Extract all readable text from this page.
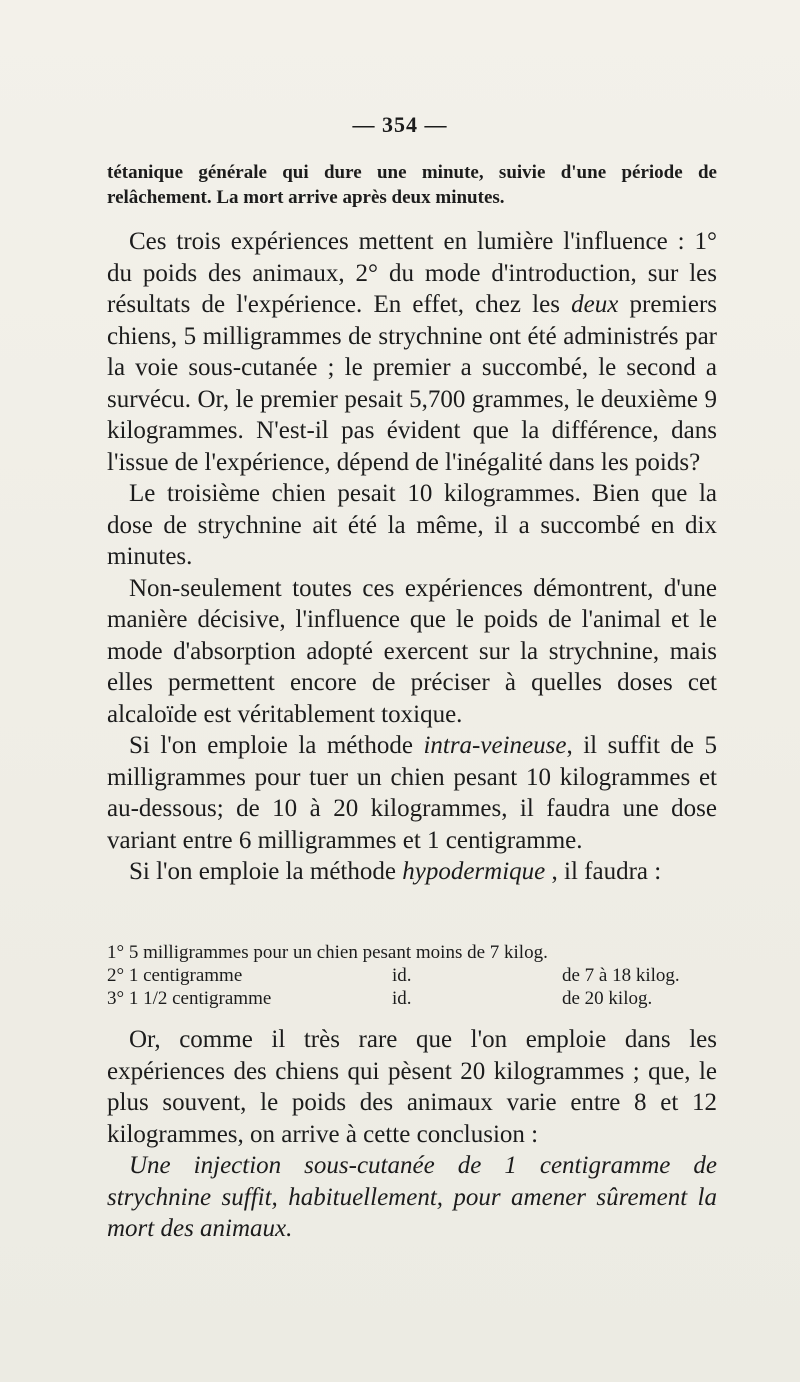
— 354 —

tétanique générale qui dure une minute, suivie d'une période de relâchement. La mort arrive après deux minutes.

Ces trois expériences mettent en lumière l'influence : 1° du poids des animaux, 2° du mode d'introduction, sur les résultats de l'expérience. En effet, chez les deux premiers chiens, 5 milligrammes de strychnine ont été administrés par la voie sous-cutanée ; le premier a succombé, le second a survécu. Or, le premier pesait 5,700 grammes, le deuxième 9 kilogrammes. N'est-il pas évident que la différence, dans l'issue de l'expérience, dépend de l'inégalité dans les poids?

Le troisième chien pesait 10 kilogrammes. Bien que la dose de strychnine ait été la même, il a succombé en dix minutes.

Non-seulement toutes ces expériences démontrent, d'une manière décisive, l'influence que le poids de l'animal et le mode d'absorption adopté exercent sur la strychnine, mais elles permettent encore de préciser à quelles doses cet alcaloïde est véritablement toxique.

Si l'on emploie la méthode intra-veineuse, il suffit de 5 milligrammes pour tuer un chien pesant 10 kilogrammes et au-dessous; de 10 à 20 kilogrammes, il faudra une dose variant entre 6 milligrammes et 1 centigramme.

Si l'on emploie la méthode hypodermique , il faudra :

1° 5 milligrammes pour un chien pesant moins de 7 kilog.
2° 1 centigramme	id.	de 7 à 18 kilog.
3° 1 1/2 centigramme	id.	de 20 kilog.

Or, comme il très rare que l'on emploie dans les expériences des chiens qui pèsent 20 kilogrammes ; que, le plus souvent, le poids des animaux varie entre 8 et 12 kilogrammes, on arrive à cette conclusion :

Une injection sous-cutanée de 1 centigramme de strychnine suffit, habituellement, pour amener sûrement la mort des animaux.
